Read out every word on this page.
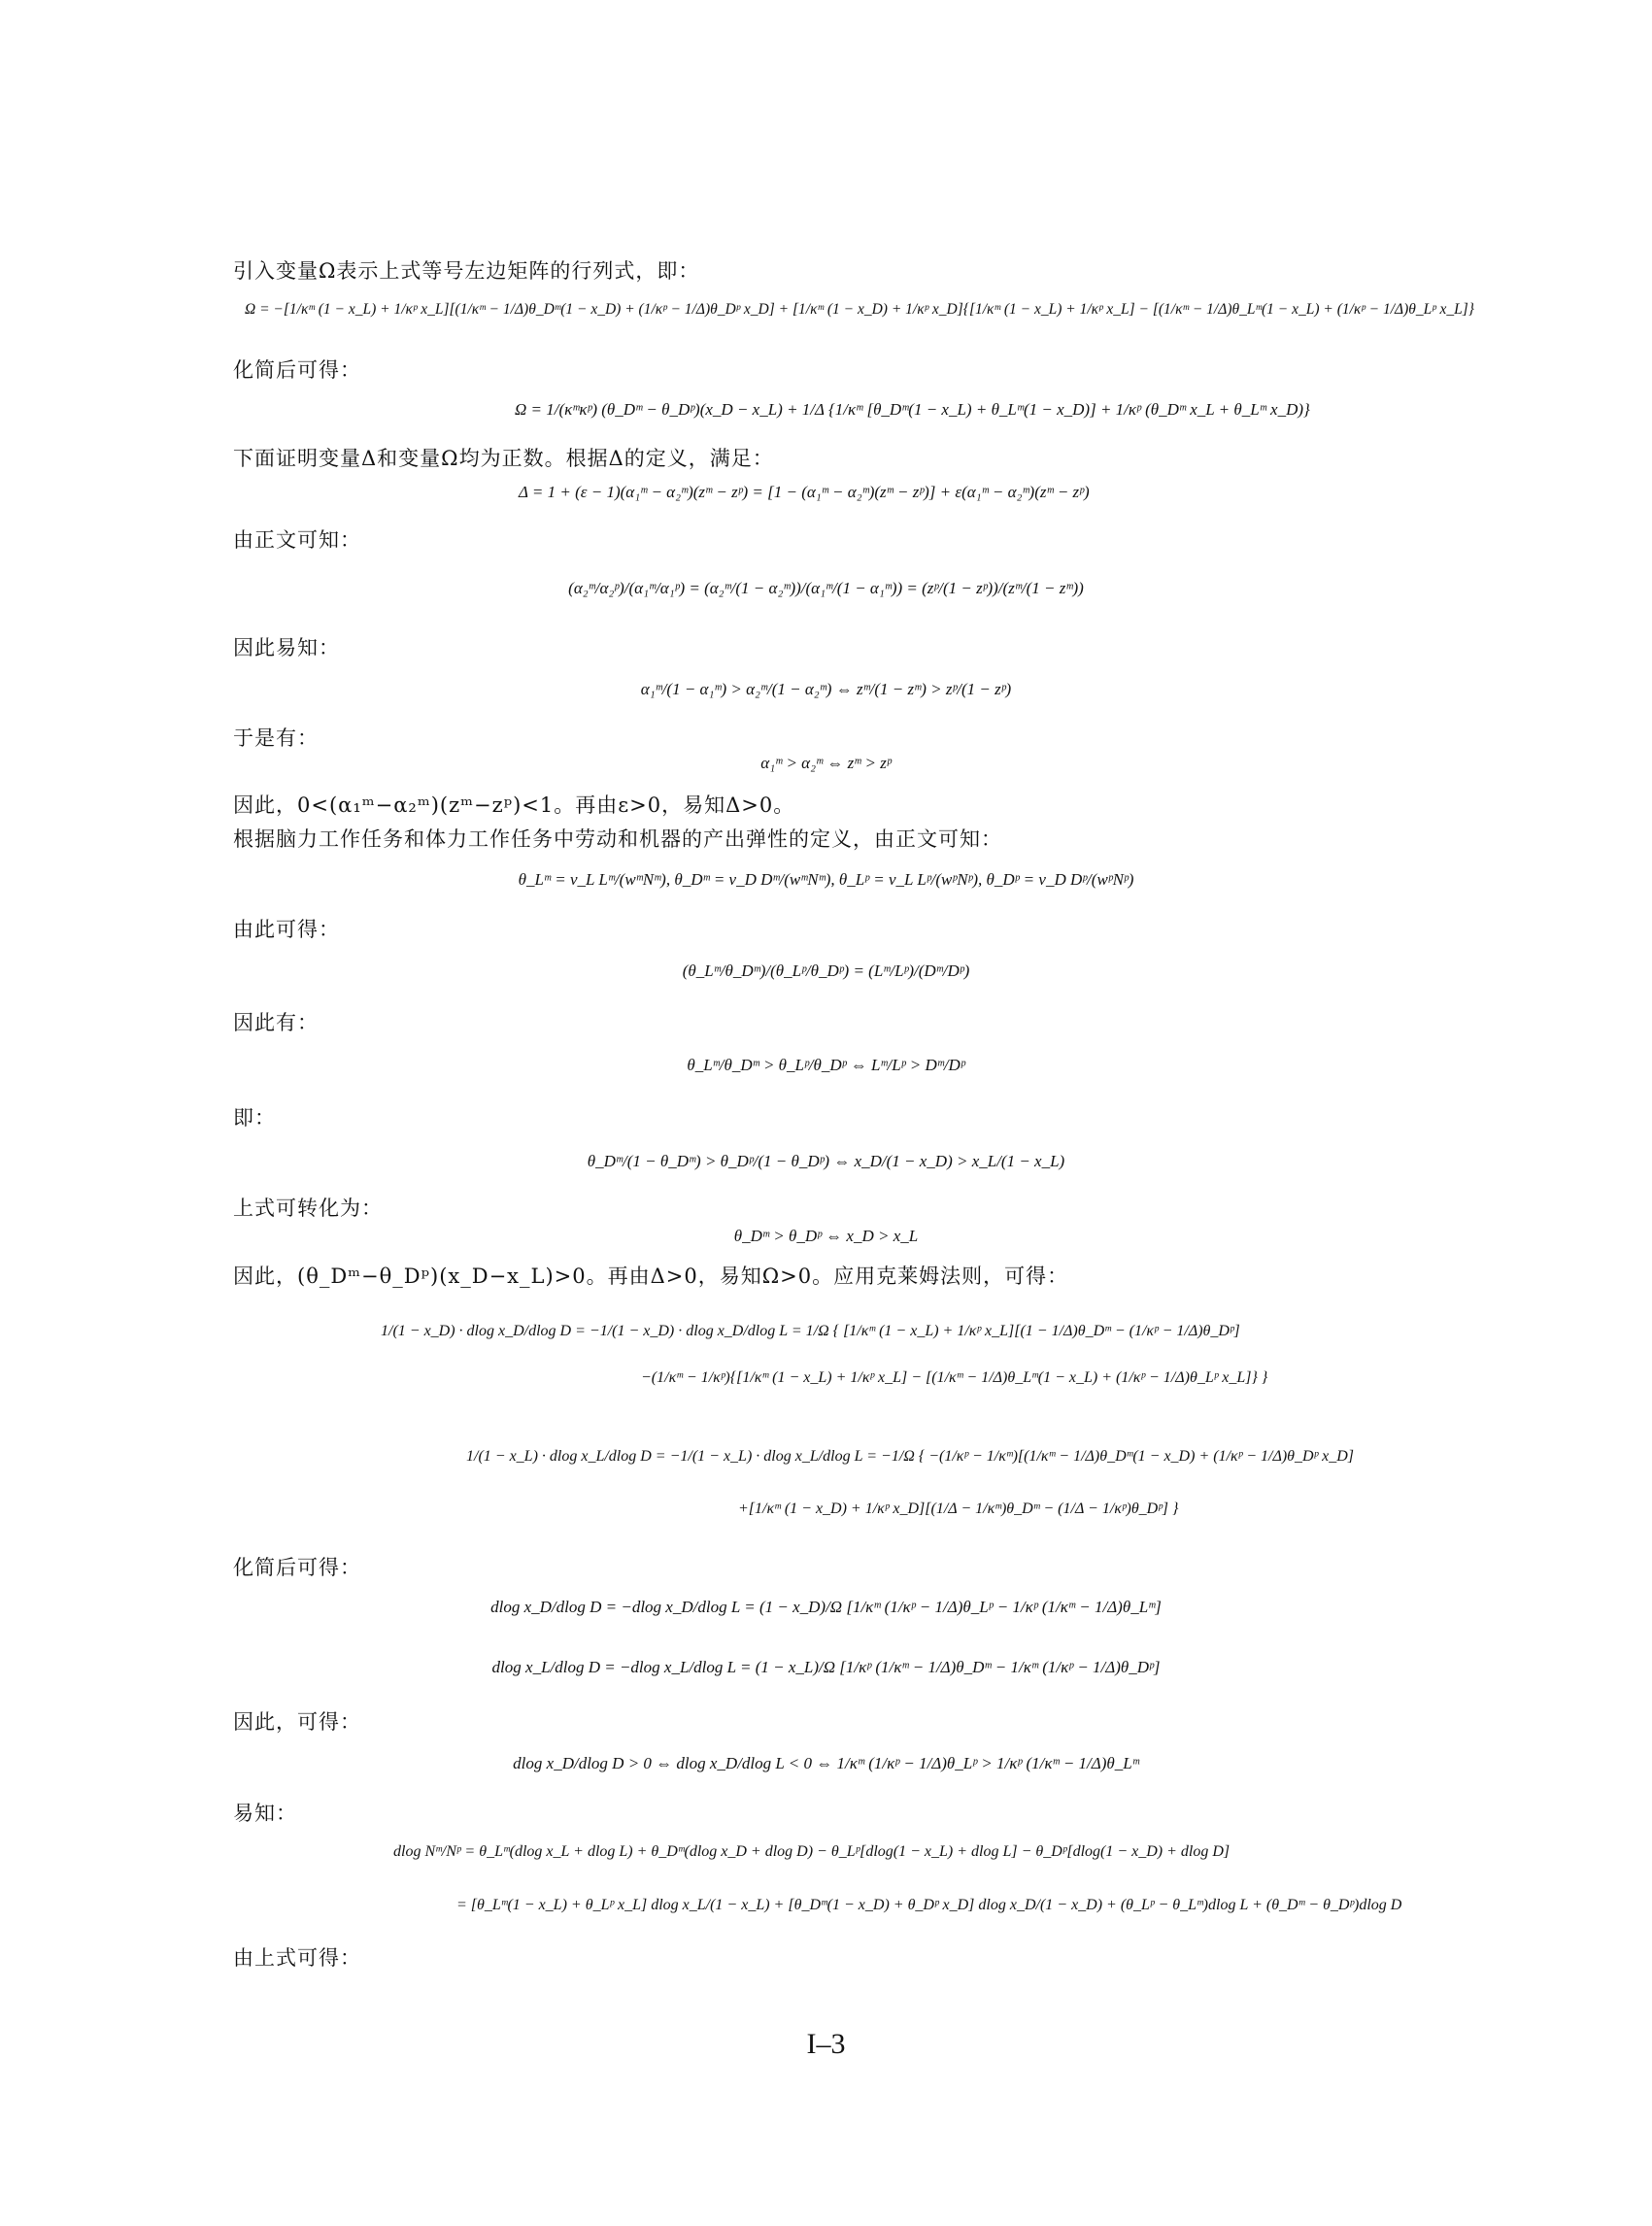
引入变量Ω表示上式等号左边矩阵的行列式，即：
Ω = −[1/κᵐ (1 − x_L) + 1/κᵖ x_L][(1/κᵐ − 1/Δ)θ_Dᵐ(1 − x_D) + (1/κᵖ − 1/Δ)θ_Dᵖ x_D] + [1/κᵐ (1 − x_D) + 1/κᵖ x_D]{[1/κᵐ (1 − x_L) + 1/κᵖ x_L] − [(1/κᵐ − 1/Δ)θ_Lᵐ(1 − x_L) + (1/κᵖ − 1/Δ)θ_Lᵖ x_L]}
化简后可得：
Ω = 1/(κᵐκᵖ) (θ_Dᵐ − θ_Dᵖ)(x_D − x_L) + 1/Δ {1/κᵐ [θ_Dᵐ(1 − x_L) + θ_Lᵐ(1 − x_D)] + 1/κᵖ (θ_Dᵐ x_L + θ_Lᵐ x_D)}
下面证明变量Δ和变量Ω均为正数。根据Δ的定义，满足：
Δ = 1 + (ε − 1)(α₁ᵐ − α₂ᵐ)(zᵐ − zᵖ) = [1 − (α₁ᵐ − α₂ᵐ)(zᵐ − zᵖ)] + ε(α₁ᵐ − α₂ᵐ)(zᵐ − zᵖ)
由正文可知：
(α₂ᵐ/α₂ᵖ)/(α₁ᵐ/α₁ᵖ) = (α₂ᵐ/(1 − α₂ᵐ))/(α₁ᵐ/(1 − α₁ᵐ)) = (zᵖ/(1 − zᵖ))/(zᵐ/(1 − zᵐ))
因此易知：
α₁ᵐ/(1 − α₁ᵐ) > α₂ᵐ/(1 − α₂ᵐ) ⇔ zᵐ/(1 − zᵐ) > zᵖ/(1 − zᵖ)
于是有：
α₁ᵐ > α₂ᵐ ⇔ zᵐ > zᵖ
因此，0<(α₁ᵐ−α₂ᵐ)(zᵐ−zᵖ)<1。再由ε>0，易知Δ>0。
根据脑力工作任务和体力工作任务中劳动和机器的产出弹性的定义，由正文可知：
θ_Lᵐ = v_L Lᵐ/(wᵐNᵐ), θ_Dᵐ = v_D Dᵐ/(wᵐNᵐ), θ_Lᵖ = v_L Lᵖ/(wᵖNᵖ), θ_Dᵖ = v_D Dᵖ/(wᵖNᵖ)
由此可得：
(θ_Lᵐ/θ_Dᵐ)/(θ_Lᵖ/θ_Dᵖ) = (Lᵐ/Lᵖ)/(Dᵐ/Dᵖ)
因此有：
θ_Lᵐ/θ_Dᵐ > θ_Lᵖ/θ_Dᵖ ⇔ Lᵐ/Lᵖ > Dᵐ/Dᵖ
即：
θ_Dᵐ/(1 − θ_Dᵐ) > θ_Dᵖ/(1 − θ_Dᵖ) ⇔ x_D/(1 − x_D) > x_L/(1 − x_L)
上式可转化为：
θ_Dᵐ > θ_Dᵖ ⇔ x_D > x_L
因此，(θ_Dᵐ−θ_Dᵖ)(x_D−x_L)>0。再由Δ>0，易知Ω>0。应用克莱姆法则，可得：
1/(1 − x_D) · dlog x_D/dlog D = −1/(1 − x_D) · dlog x_D/dlog L = 1/Ω { [1/κᵐ (1 − x_L) + 1/κᵖ x_L][(1 − 1/Δ)θ_Dᵐ − (1/κᵖ − 1/Δ)θ_Dᵖ]
−(1/κᵐ − 1/κᵖ){[1/κᵐ (1 − x_L) + 1/κᵖ x_L] − [(1/κᵐ − 1/Δ)θ_Lᵐ(1 − x_L) + (1/κᵖ − 1/Δ)θ_Lᵖ x_L]} }
1/(1 − x_L) · dlog x_L/dlog D = −1/(1 − x_L) · dlog x_L/dlog L = −1/Ω { −(1/κᵖ − 1/κᵐ)[(1/κᵐ − 1/Δ)θ_Dᵐ(1 − x_D) + (1/κᵖ − 1/Δ)θ_Dᵖ x_D]
+[1/κᵐ (1 − x_D) + 1/κᵖ x_D][(1/Δ − 1/κᵐ)θ_Dᵐ − (1/Δ − 1/κᵖ)θ_Dᵖ] }
化简后可得：
dlog x_D/dlog D = −dlog x_D/dlog L = (1 − x_D)/Ω [1/κᵐ (1/κᵖ − 1/Δ)θ_Lᵖ − 1/κᵖ (1/κᵐ − 1/Δ)θ_Lᵐ]
dlog x_L/dlog D = −dlog x_L/dlog L = (1 − x_L)/Ω [1/κᵖ (1/κᵐ − 1/Δ)θ_Dᵐ − 1/κᵐ (1/κᵖ − 1/Δ)θ_Dᵖ]
因此，可得：
dlog x_D/dlog D > 0 ⇔ dlog x_D/dlog L < 0 ⇔ 1/κᵐ (1/κᵖ − 1/Δ)θ_Lᵖ > 1/κᵖ (1/κᵐ − 1/Δ)θ_Lᵐ
易知：
dlog Nᵐ/Nᵖ = θ_Lᵐ(dlog x_L + dlog L) + θ_Dᵐ(dlog x_D + dlog D) − θ_Lᵖ[dlog(1 − x_L) + dlog L] − θ_Dᵖ[dlog(1 − x_D) + dlog D]
= [θ_Lᵐ(1 − x_L) + θ_Lᵖ x_L] dlog x_L/(1 − x_L) + [θ_Dᵐ(1 − x_D) + θ_Dᵖ x_D] dlog x_D/(1 − x_D) + (θ_Lᵖ − θ_Lᵐ)dlog L + (θ_Dᵐ − θ_Dᵖ)dlog D
由上式可得：
I–3
